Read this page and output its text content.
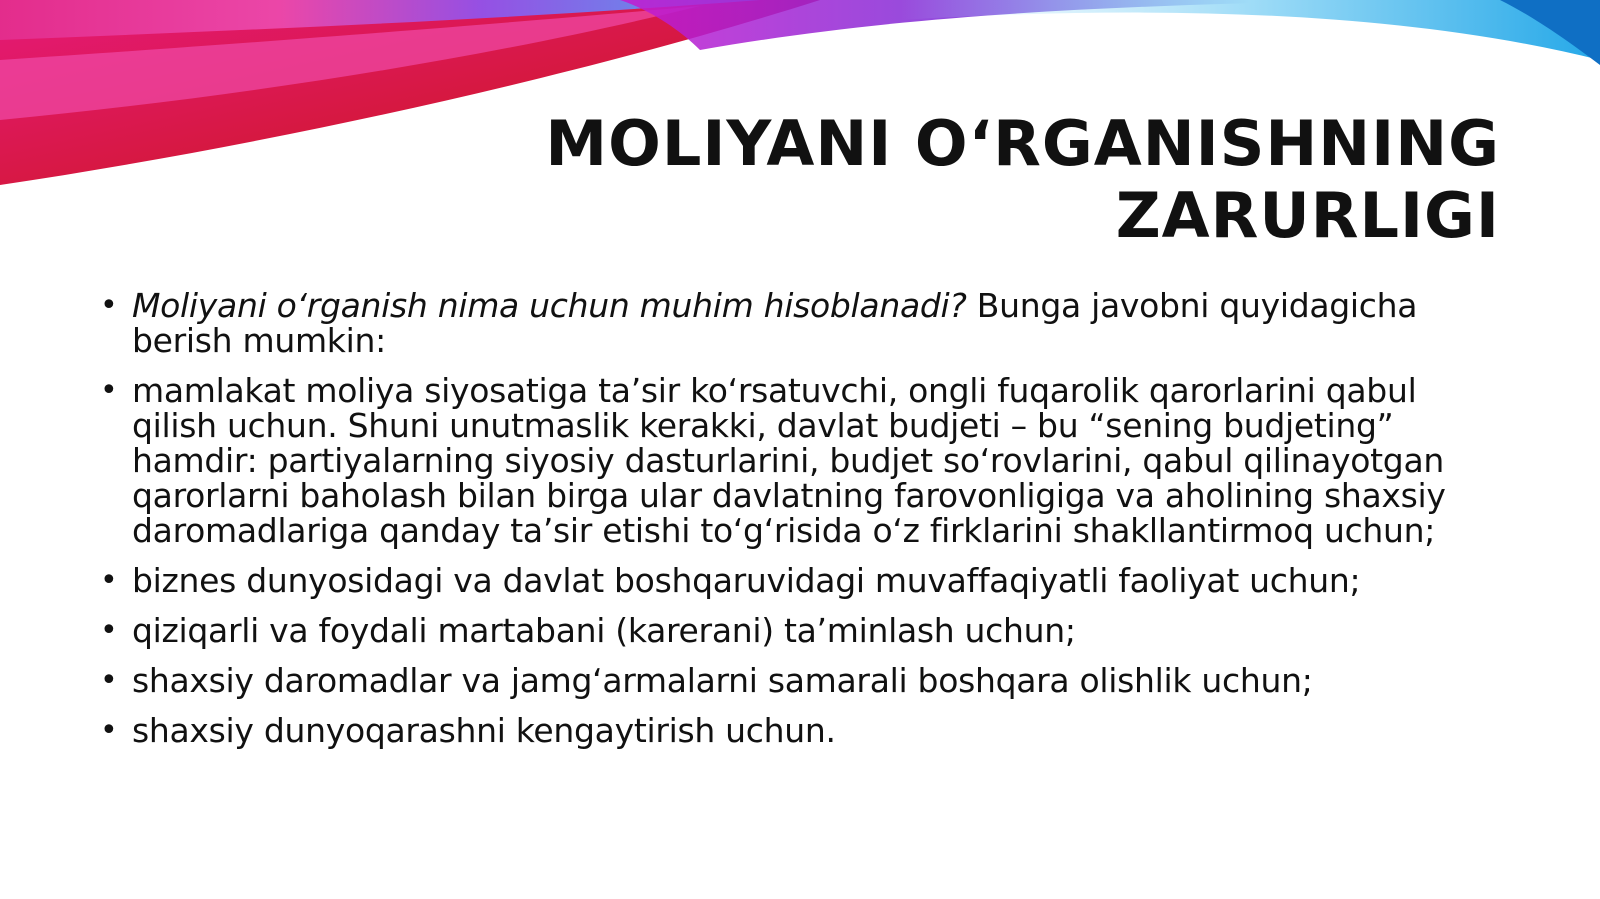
MOLIYANI O‘RGANISHNING
ZARURLIGI
• Moliyani o‘rganish nima uchun muhim hisoblanadi? Bunga javobni quyidagicha berish mumkin:
• mamlakat moliya siyosatiga ta’sir ko‘rsatuvchi, ongli fuqarolik qarorlarini qabul qilish uchun. Shuni unutmaslik kerakki, davlat budjeti – bu “sening budjeting” hamdir: partiyalarning siyosiy dasturlarini, budjet so‘rovlarini, qabul qilinayotgan qarorlarni baholash bilan birga ular davlatning farovonligiga va aholining shaxsiy daromadlariga qanday ta’sir etishi to‘g‘risida o‘z firklarini shakllantirmoq uchun;
• biznes dunyosidagi va davlat boshqaruvidagi muvaffaqiyatli faoliyat uchun;
• qiziqarli va foydali martabani (karerani) ta’minlash uchun;
• shaxsiy daromadlar va jamg‘armalarni samarali boshqara olishlik uchun;
• shaxsiy dunyoqarashni kengaytirish uchun.
